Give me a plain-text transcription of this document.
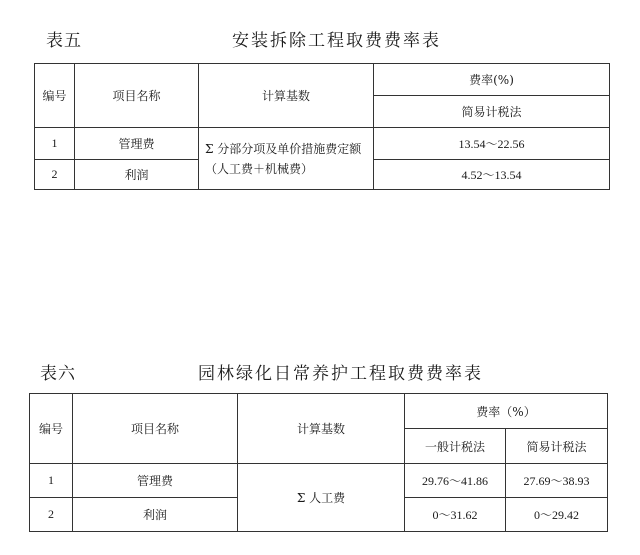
表五	安装拆除工程取费费率表
编号	项目名称	计算基数	费率(%)
			简易计税法
1	管理费	Σ 分部分项及单价措施费定额（人工费＋机械费）	13.54～22.56
2	利润		4.52～13.54
表六	园林绿化日常养护工程取费费率表
编号	项目名称	计算基数	费率（%）	
			一般计税法	简易计税法
1	管理费	Σ 人工费	29.76～41.86	27.69～38.93
2	利润		0～31.62	0～29.42
